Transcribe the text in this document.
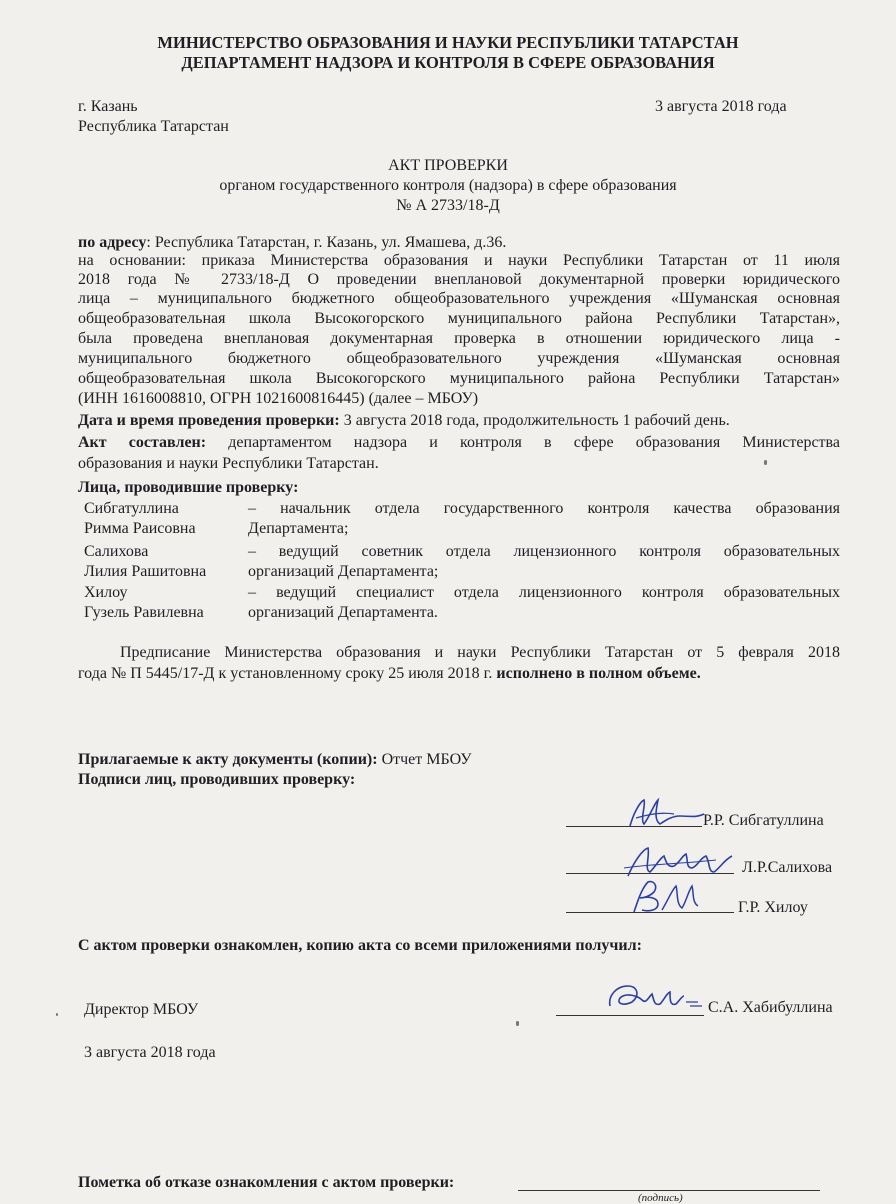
МИНИСТЕРСТВО ОБРАЗОВАНИЯ И НАУКИ РЕСПУБЛИКИ ТАТАРСТАН
ДЕПАРТАМЕНТ НАДЗОРА И КОНТРОЛЯ В СФЕРЕ ОБРАЗОВАНИЯ
г. Казань
Республика Татарстан
3 августа 2018 года
АКТ ПРОВЕРКИ
органом государственного контроля (надзора) в сфере образования
№ А 2733/18-Д
по адресу: Республика Татарстан, г. Казань, ул. Ямашева, д.36.
на основании: приказа Министерства образования и науки Республики Татарстан от 11 июля
2018 года № 2733/18-Д О проведении внеплановой документарной проверки юридического
лица – муниципального бюджетного общеобразовательного учреждения «Шуманская основная
общеобразовательная школа Высокогорского муниципального района Республики Татарстан»,
была проведена внеплановая документарная проверка в отношении юридического лица -
муниципального бюджетного общеобразовательного учреждения «Шуманская основная
общеобразовательная школа Высокогорского муниципального района Республики Татарстан»
(ИНН 1616008810, ОГРН 1021600816445) (далее – МБОУ)
Дата и время проведения проверки: 3 августа 2018 года, продолжительность 1 рабочий день.
Акт составлен: департаментом надзора и контроля в сфере образования Министерства
образования и науки Республики Татарстан.
Лица, проводившие проверку:
Сибгатуллина
Римма Раисовна
– начальник отдела государственного контроля качества образования
Департамента;
Салихова
Лилия Рашитовна
– ведущий советник отдела лицензионного контроля образовательных
организаций Департамента;
Хилоу
Гузель Равилевна
– ведущий специалист отдела лицензионного контроля образовательных
организаций Департамента.
Предписание Министерства образования и науки Республики Татарстан от 5 февраля 2018
года № П 5445/17-Д к установленному сроку 25 июля 2018 г. исполнено в полном объеме.
Прилагаемые к акту документы (копии): Отчет МБОУ
Подписи лиц, проводивших проверку:
Р.Р. Сибгатуллина
Л.Р.Салихова
Г.Р. Хилоу
С актом проверки ознакомлен, копию акта со всеми приложениями получил:
Директор МБОУ	С.А. Хабибуллина
3 августа 2018 года
Пометка об отказе ознакомления с актом проверки:
(подпись)
